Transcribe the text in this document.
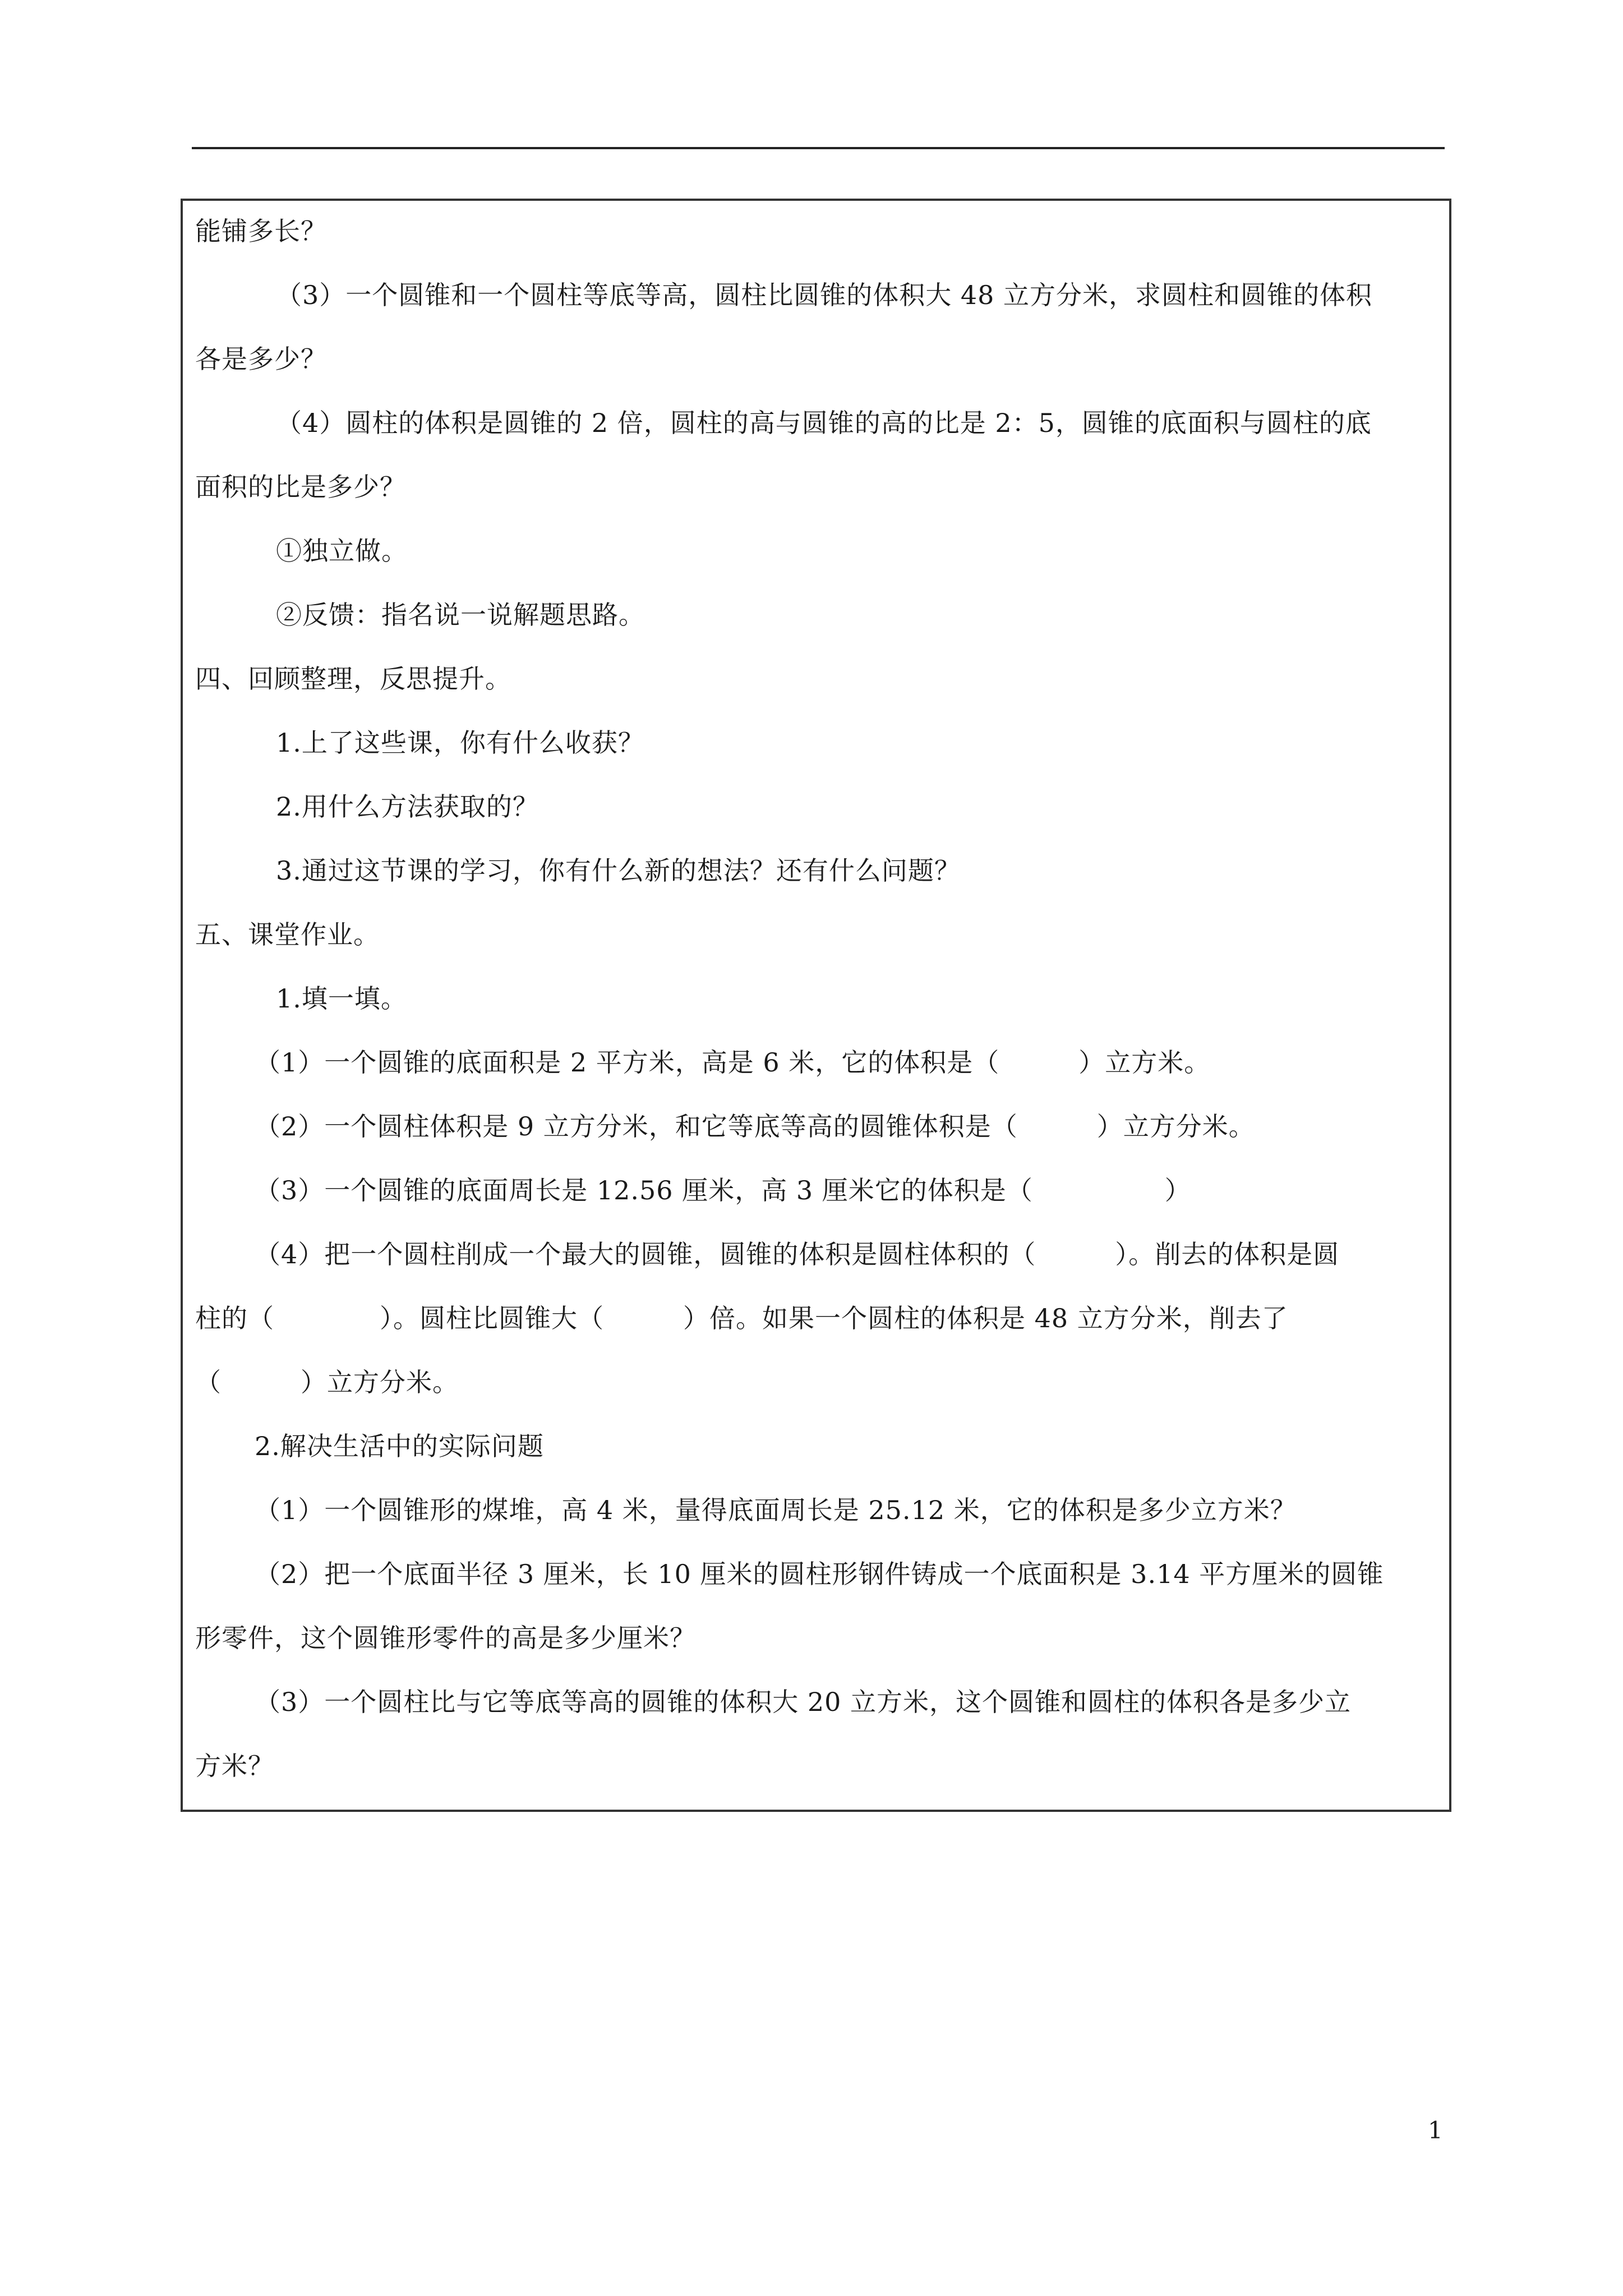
能铺多长？
（3）一个圆锥和一个圆柱等底等高，圆柱比圆锥的体积大 48 立方分米，求圆柱和圆锥的体积
各是多少？
（4）圆柱的体积是圆锥的 2 倍，圆柱的高与圆锥的高的比是 2：5，圆锥的底面积与圆柱的底
面积的比是多少？
①独立做。
②反馈：指名说一说解题思路。
四、回顾整理，反思提升。
1.上了这些课，你有什么收获？
2.用什么方法获取的？
3.通过这节课的学习，你有什么新的想法？还有什么问题？
五、课堂作业。
1.填一填。
（1）一个圆锥的底面积是 2 平方米，高是 6 米，它的体积是（　　　）立方米。
（2）一个圆柱体积是 9 立方分米，和它等底等高的圆锥体积是（　　　）立方分米。
（3）一个圆锥的底面周长是 12.56 厘米，高 3 厘米它的体积是（　　　　　）
（4）把一个圆柱削成一个最大的圆锥，圆锥的体积是圆柱体积的（　　　）。削去的体积是圆
柱的（　　　　）。圆柱比圆锥大（　　　）倍。如果一个圆柱的体积是 48 立方分米，削去了
（　　　）立方分米。
2.解决生活中的实际问题
（1）一个圆锥形的煤堆，高 4 米，量得底面周长是 25.12 米，它的体积是多少立方米？
（2）把一个底面半径 3 厘米，长 10 厘米的圆柱形钢件铸成一个底面积是 3.14 平方厘米的圆锥
形零件，这个圆锥形零件的高是多少厘米？
（3）一个圆柱比与它等底等高的圆锥的体积大 20 立方米，这个圆锥和圆柱的体积各是多少立
方米？
1
